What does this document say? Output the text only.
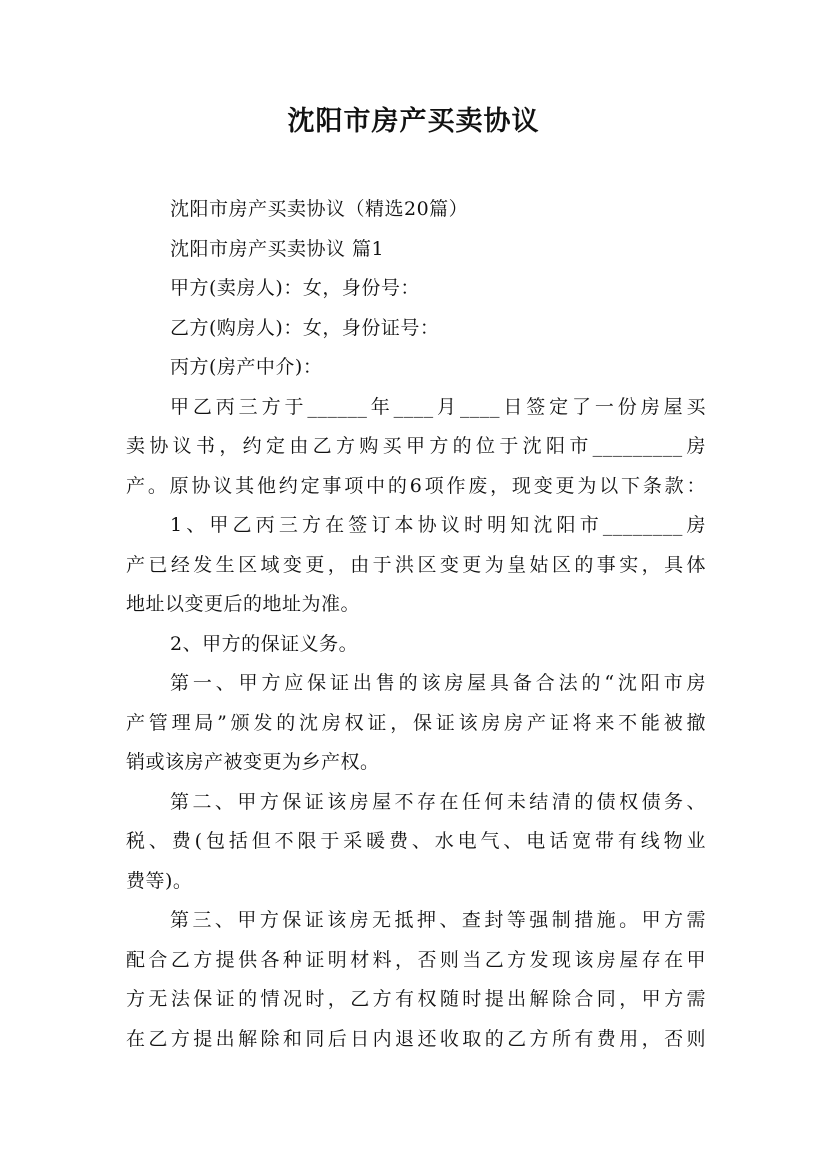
沈阳市房产买卖协议
沈阳市房产买卖协议（精选20篇）
沈阳市房产买卖协议 篇1
甲方(卖房人)：女，身份号：
乙方(购房人)：女，身份证号：
丙方(房产中介)：
甲乙丙三方于______年____月____日签定了一份房屋买
卖协议书，约定由乙方购买甲方的位于沈阳市_________房
产。原协议其他约定事项中的6项作废，现变更为以下条款：
1、甲乙丙三方在签订本协议时明知沈阳市________房
产已经发生区域变更，由于洪区变更为皇姑区的事实，具体
地址以变更后的地址为准。
2、甲方的保证义务。
第一、甲方应保证出售的该房屋具备合法的“沈阳市房
产管理局”颁发的沈房权证，保证该房房产证将来不能被撤
销或该房产被变更为乡产权。
第二、甲方保证该房屋不存在任何未结清的债权债务、
税、费(包括但不限于采暖费、水电气、电话宽带有线物业
费等)。
第三、甲方保证该房无抵押、查封等强制措施。甲方需
配合乙方提供各种证明材料，否则当乙方发现该房屋存在甲
方无法保证的情况时，乙方有权随时提出解除合同，甲方需
在乙方提出解除和同后日内退还收取的乙方所有费用，否则
